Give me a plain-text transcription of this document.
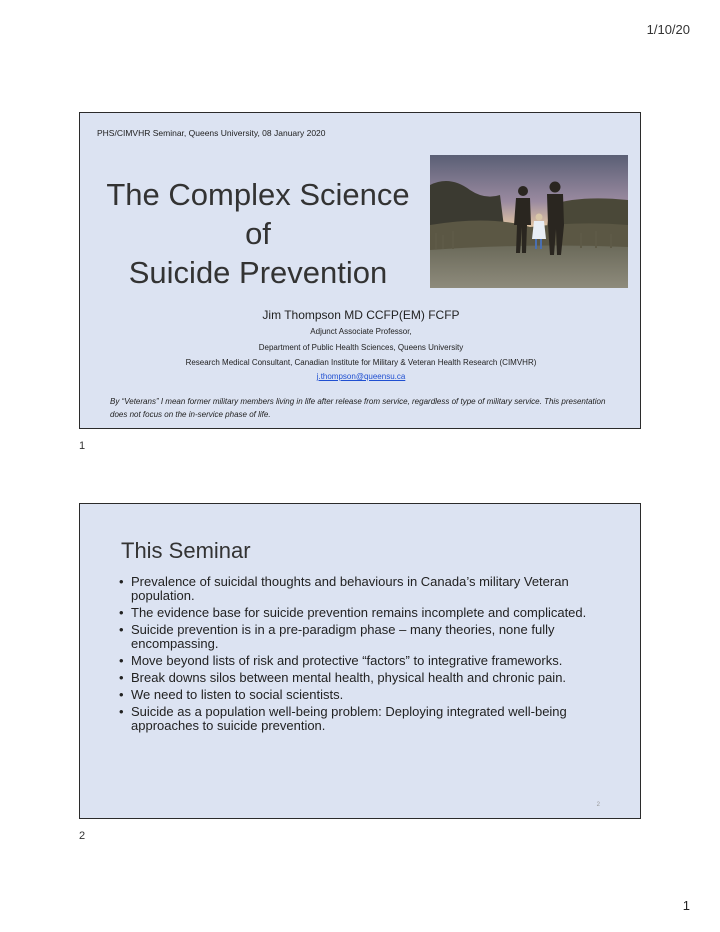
1/10/20
PHS/CIMVHR Seminar, Queens University, 08 January 2020
The Complex Science
of
Suicide Prevention
Jim Thompson MD CCFP(EM) FCFP
Adjunct Associate Professor,
Department of Public Health Sciences, Queens University
Research Medical Consultant, Canadian Institute for Military & Veteran Health Research (CIMVHR)
j.thompson@queensu.ca
By “Veterans” I mean former military members living in life after release from service, regardless of type of military service. This presentation does not focus on the in-service phase of life.
1
This Seminar
• Prevalence of suicidal thoughts and behaviours in Canada’s military Veteran population.
• The evidence base for suicide prevention remains incomplete and complicated.
• Suicide prevention is in a pre-paradigm phase – many theories, none fully encompassing.
• Move beyond lists of risk and protective “factors” to integrative frameworks.
• Break downs silos between mental health, physical health and chronic pain.
• We need to listen to social scientists.
• Suicide as a population well-being problem: Deploying integrated well-being approaches to suicide prevention.
2
2
1
